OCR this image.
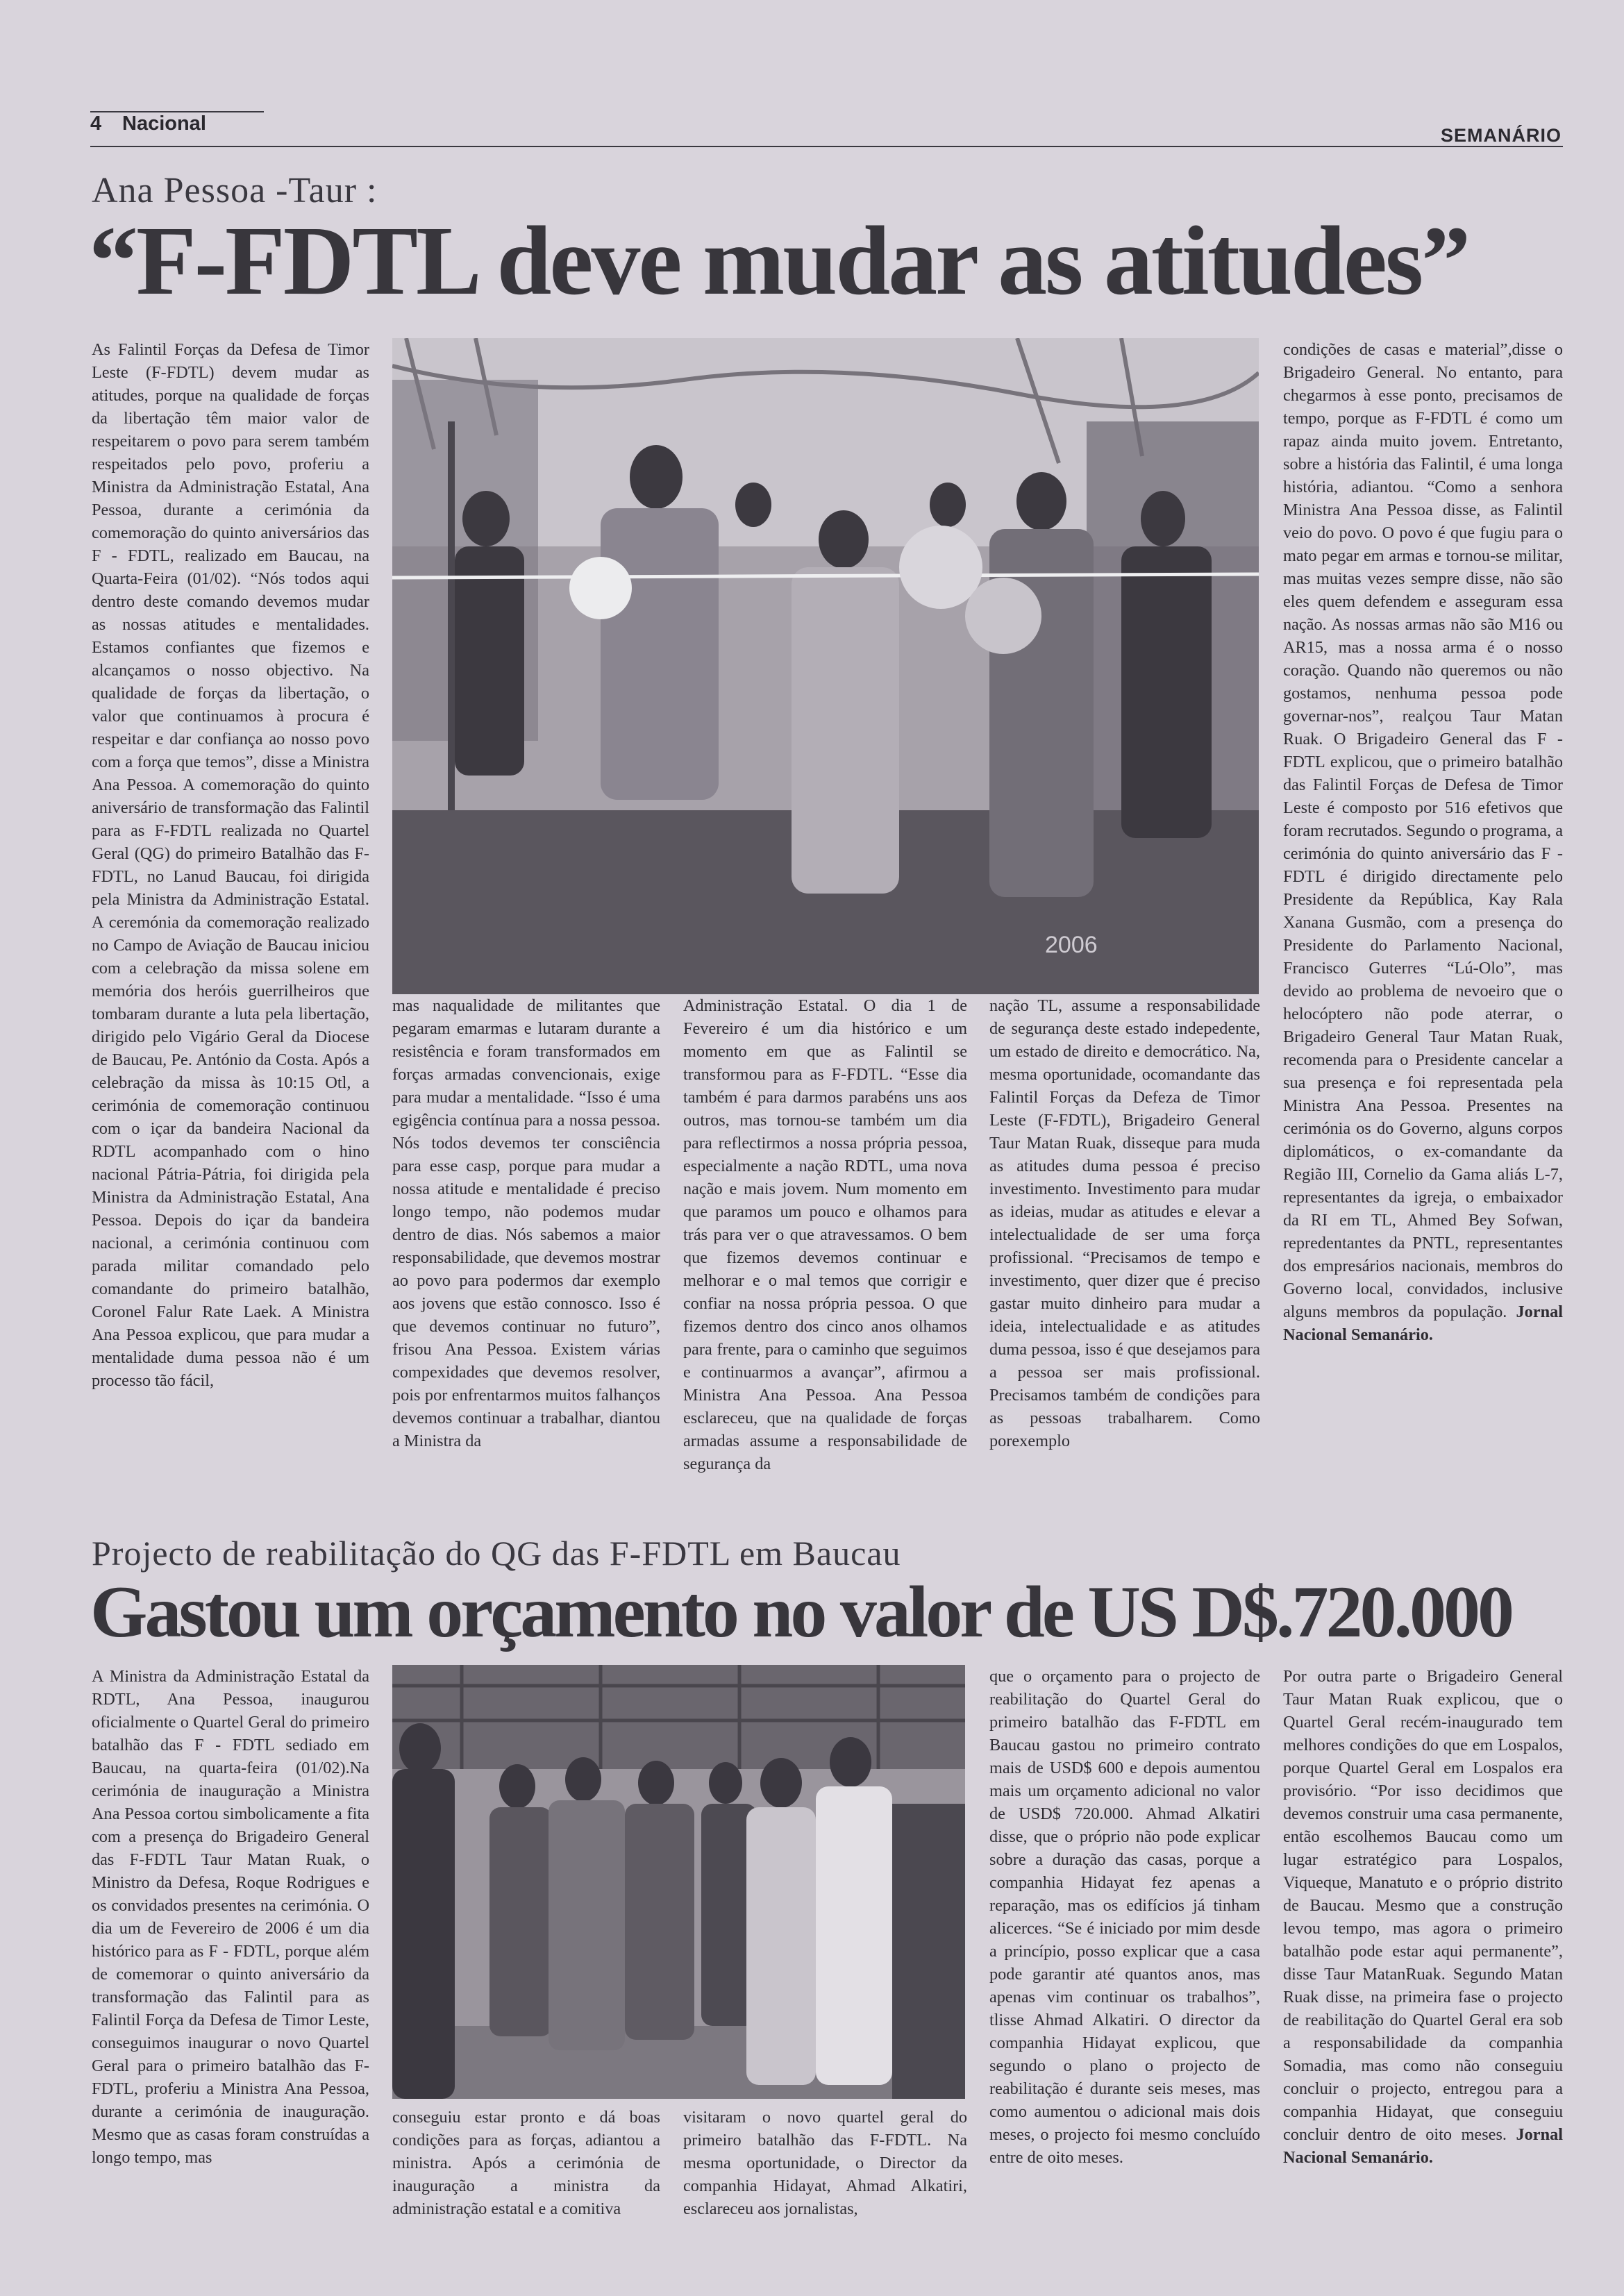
4 Nacional
SEMANÁRIO
Ana Pessoa -Taur :
“F-FDTL deve mudar as atitudes”

As Falintil Forças da Defesa de Timor Leste (F-FDTL) devem mudar as atitudes, porque na qualidade de forças da libertação têm maior valor de respeitarem o povo para serem também respeitados pelo povo, proferiu a Ministra da Administração Estatal, Ana Pessoa, durante a cerimónia da comemoração do quinto aniversários das F - FDTL, realizado em Baucau, na Quarta-Feira (01/02). “Nós todos aqui dentro deste comando devemos mudar as nossas atitudes e mentalidades. Estamos confiantes que fizemos e alcançamos o nosso objectivo. Na qualidade de forças da libertação, o valor que continuamos à procura é respeitar e dar confiança ao nosso povo com a força que temos”, disse a Ministra Ana Pessoa. A comemoração do quinto aniversário de transformação das Falintil para as F-FDTL realizada no Quartel Geral (QG) do primeiro Batalhão das F-FDTL, no Lanud Baucau, foi dirigida pela Ministra da Administração Estatal. A ceremónia da comemoração realizado no Campo de Aviação de Baucau iniciou com a celebração da missa solene em memória dos heróis guerrilheiros que tombaram durante a luta pela libertação, dirigido pelo Vigário Geral da Diocese de Baucau, Pe. António da Costa. Após a celebração da missa às 10:15 Otl, a cerimónia de comemoração continuou com o içar da bandeira Nacional da RDTL acompanhado com o hino nacional Pátria-Pátria, foi dirigida pela Ministra da Administração Estatal, Ana Pessoa. Depois do içar da bandeira nacional, a cerimónia continuou com parada militar comandado pelo comandante do primeiro batalhão, Coronel Falur Rate Laek. A Ministra Ana Pessoa explicou, que para mudar a mentalidade duma pessoa não é um processo tão fácil,

2006

mas naqualidade de militantes que pegaram emarmas e lutaram durante a resistência e foram transformados em forças armadas convencionais, exige para mudar a mentalidade. “Isso é uma egigência contínua para a nossa pessoa. Nós todos devemos ter consciência para esse casp, porque para mudar a nossa atitude e mentalidade é preciso longo tempo, não podemos mudar dentro de dias. Nós sabemos a maior responsabilidade, que devemos mostrar ao povo para podermos dar exemplo aos jovens que estão connosco. Isso é que devemos continuar no futuro”, frisou Ana Pessoa. Existem várias compexidades que devemos resolver, pois por enfrentarmos muitos falhanços devemos continuar a trabalhar, diantou a Ministra da

Administração Estatal. O dia 1 de Fevereiro é um dia histórico e um momento em que as Falintil se transformou para as F-FDTL. “Esse dia também é para darmos parabéns uns aos outros, mas tornou-se também um dia para reflectirmos a nossa própria pessoa, especialmente a nação RDTL, uma nova nação e mais jovem. Num momento em que paramos um pouco e olhamos para trás para ver o que atravessamos. O bem que fizemos devemos continuar e melhorar e o mal temos que corrigir e confiar na nossa própria pessoa. O que fizemos dentro dos cinco anos olhamos para frente, para o caminho que seguimos e continuarmos a avançar”, afirmou a Ministra Ana Pessoa. Ana Pessoa esclareceu, que na qualidade de forças armadas assume a responsabilidade de segurança da

nação TL, assume a responsabilidade de segurança deste estado indepedente, um estado de direito e democrático. Na, mesma oportunidade, ocomandante das Falintil Forças da Defeza de Timor Leste (F-FDTL), Brigadeiro General Taur Matan Ruak, disseque para muda as atitudes duma pessoa é preciso investimento. Investimento para mudar as ideias, mudar as atitudes e elevar a intelectualidade de ser uma força profissional. “Precisamos de tempo e investimento, quer dizer que é preciso gastar muito dinheiro para mudar a ideia, intelectualidade e as atitudes duma pessoa, isso é que desejamos para a pessoa ser mais profissional. Precisamos também de condições para as pessoas trabalharem. Como porexemplo

condições de casas e material”,disse o Brigadeiro General. No entanto, para chegarmos à esse ponto, precisamos de tempo, porque as F-FDTL é como um rapaz ainda muito jovem. Entretanto, sobre a história das Falintil, é uma longa história, adiantou. “Como a senhora Ministra Ana Pessoa disse, as Falintil veio do povo. O povo é que fugiu para o mato pegar em armas e tornou-se militar, mas muitas vezes sempre disse, não são eles quem defendem e asseguram essa nação. As nossas armas não são M16 ou AR15, mas a nossa arma é o nosso coração. Quando não queremos ou não gostamos, nenhuma pessoa pode governar-nos”, realçou Taur Matan Ruak. O Brigadeiro General das F - FDTL explicou, que o primeiro batalhão das Falintil Forças de Defesa de Timor Leste é composto por 516 efetivos que foram recrutados. Segundo o programa, a cerimónia do quinto aniversário das F - FDTL é dirigido directamente pelo Presidente da República, Kay Rala Xanana Gusmão, com a presença do Presidente do Parlamento Nacional, Francisco Guterres “Lú-Olo”, mas devido ao problema de nevoeiro que o helocóptero não pode aterrar, o Brigadeiro General Taur Matan Ruak, recomenda para o Presidente cancelar a sua presença e foi representada pela Ministra Ana Pessoa. Presentes na cerimónia os do Governo, alguns corpos diplomáticos, o ex-comandante da Região III, Cornelio da Gama aliás L-7, representantes da igreja, o embaixador da RI em TL, Ahmed Bey Sofwan, repredentantes da PNTL, representantes dos empresários nacionais, membros do Governo local, convidados, inclusive alguns membros da população. Jornal Nacional Semanário.

Projecto de reabilitação do QG das F-FDTL em Baucau
Gastou um orçamento no valor de US D$.720.000

A Ministra da Administração Estatal da RDTL, Ana Pessoa, inaugurou oficialmente o Quartel Geral do primeiro batalhão das F - FDTL sediado em Baucau, na quarta-feira (01/02).Na cerimónia de inauguração a Ministra Ana Pessoa cortou simbolicamente a fita com a presença do Brigadeiro General das F-FDTL Taur Matan Ruak, o Ministro da Defesa, Roque Rodrigues e os convidados presentes na cerimónia. O dia um de Fevereiro de 2006 é um dia histórico para as F - FDTL, porque além de comemorar o quinto aniversário da transformação das Falintil para as Falintil Força da Defesa de Timor Leste, conseguimos inaugurar o novo Quartel Geral para o primeiro batalhão das F-FDTL, proferiu a Ministra Ana Pessoa, durante a cerimónia de inauguração. Mesmo que as casas foram construídas a longo tempo, mas

conseguiu estar pronto e dá boas condições para as forças, adiantou a ministra. Após a cerimónia de inauguração a ministra da administração estatal e a comitiva

visitaram o novo quartel geral do primeiro batalhão das F-FDTL. Na mesma oportunidade, o Director da companhia Hidayat, Ahmad Alkatiri, esclareceu aos jornalistas,

que o orçamento para o projecto de reabilitação do Quartel Geral do primeiro batalhão das F-FDTL em Baucau gastou no primeiro contrato mais de USD$ 600 e depois aumentou mais um orçamento adicional no valor de USD$ 720.000. Ahmad Alkatiri disse, que o próprio não pode explicar sobre a duração das casas, porque a companhia Hidayat fez apenas a reparação, mas os edifícios já tinham alicerces. “Se é iniciado por mim desde a princípio, posso explicar que a casa pode garantir até quantos anos, mas apenas vim continuar os trabalhos”, tlisse Ahmad Alkatiri. O director da companhia Hidayat explicou, que segundo o plano o projecto de reabilitação é durante seis meses, mas como aumentou o adicional mais dois meses, o projecto foi mesmo concluído entre de oito meses.

Por outra parte o Brigadeiro General Taur Matan Ruak explicou, que o Quartel Geral recém-inaugurado tem melhores condições do que em Lospalos, porque Quartel Geral em Lospalos era provisório. “Por isso decidimos que devemos construir uma casa permanente, então escolhemos Baucau como um lugar estratégico para Lospalos, Viqueque, Manatuto e o próprio distrito de Baucau. Mesmo que a construção levou tempo, mas agora o primeiro batalhão pode estar aqui permanente”, disse Taur MatanRuak. Segundo Matan Ruak disse, na primeira fase o projecto de reabilitação do Quartel Geral era sob a responsabilidade da companhia Somadia, mas como não conseguiu concluir o projecto, entregou para a companhia Hidayat, que conseguiu concluir dentro de oito meses. Jornal Nacional Semanário.
